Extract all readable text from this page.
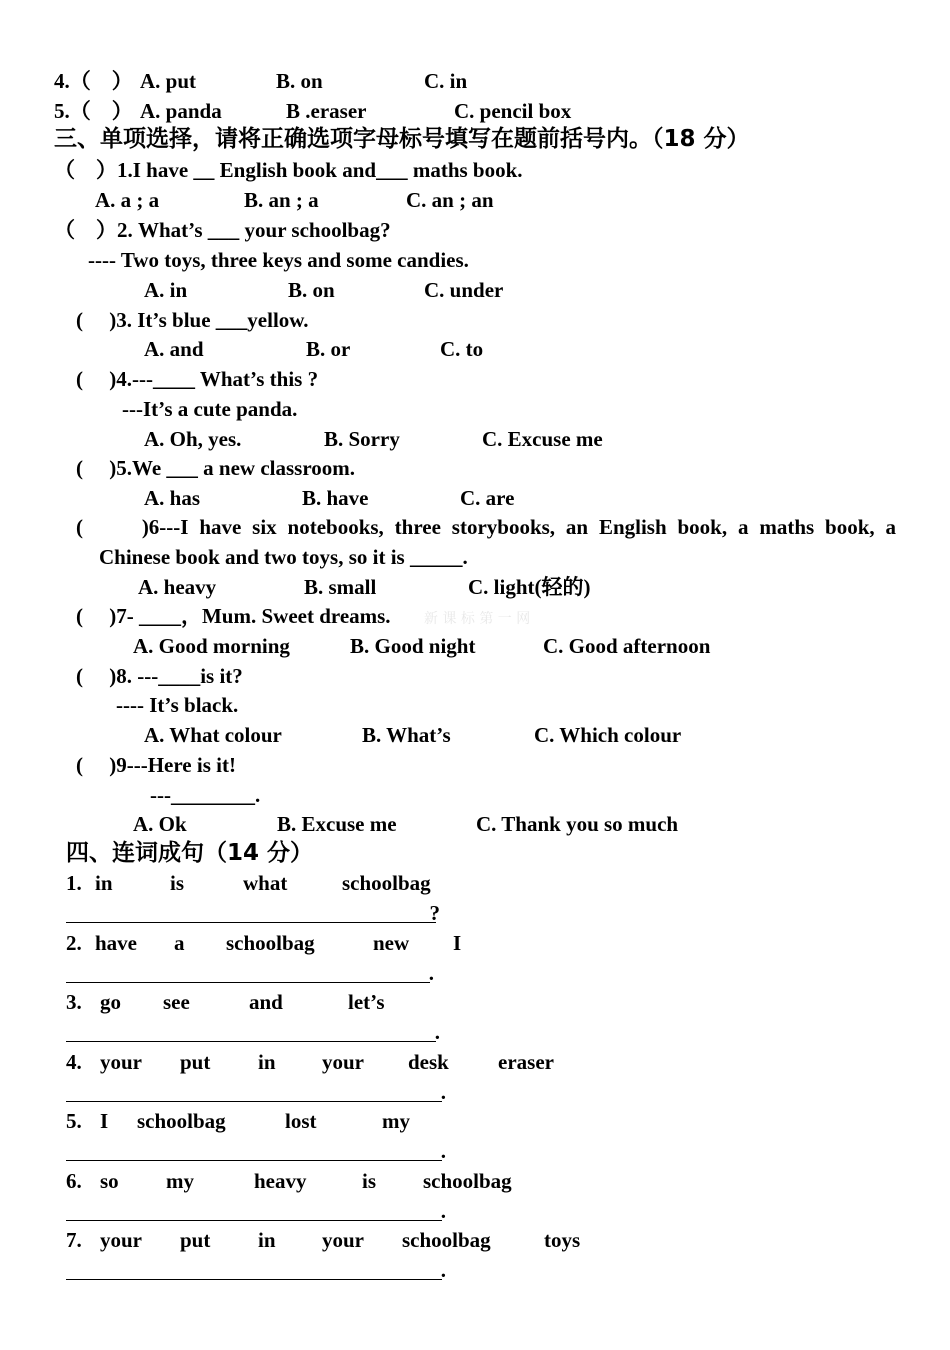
4.（　） A. put	B. on	C. in
5.（　） A. panda	B .eraser	C. pencil box
三、单项选择，请将正确选项字母标号填写在题前括号内。（18 分）
（　）1.I have __ English book and___ maths book.
A. a ; a	B. an ; a	C. an ; an
（　）2. What’s ___ your schoolbag?
---- Two toys, three keys and some candies.
A. in	B. on	C. under
(　 )3. It’s blue ___yellow.
A. and	B. or	C. to
(　 )4.---____ What’s this ?
---It’s a cute panda.
A. Oh, yes.	B. Sorry	C. Excuse me
(　 )5.We ___ a new classroom.
A. has	B. have	C. are
(　　)6---I have six notebooks, three storybooks, an English book, a maths book, a
Chinese book and two toys, so it is _____.
A. heavy	B. small	C. light(轻的)
(　 )7- ____，Mum. Sweet dreams. 新 课 标 第 一 网
A. Good morning	B. Good night	C. Good afternoon
(　 )8. ---____is it?
---- It’s black.
A. What colour	B. What’s	C. Which colour
(　 )9---Here is it!
---________.
A. Ok	B. Excuse me	C. Thank you so much
四、连词成句（14 分）
1. in	is	what	schoolbag
?
2. have a schoolbag	new I
.
3. go see	and	let’s
.
4. your put in your desk eraser
.
5. I schoolbag	lost	my
.
6. so my	heavy	is schoolbag
.
7. your put in your schoolbag	toys
.
